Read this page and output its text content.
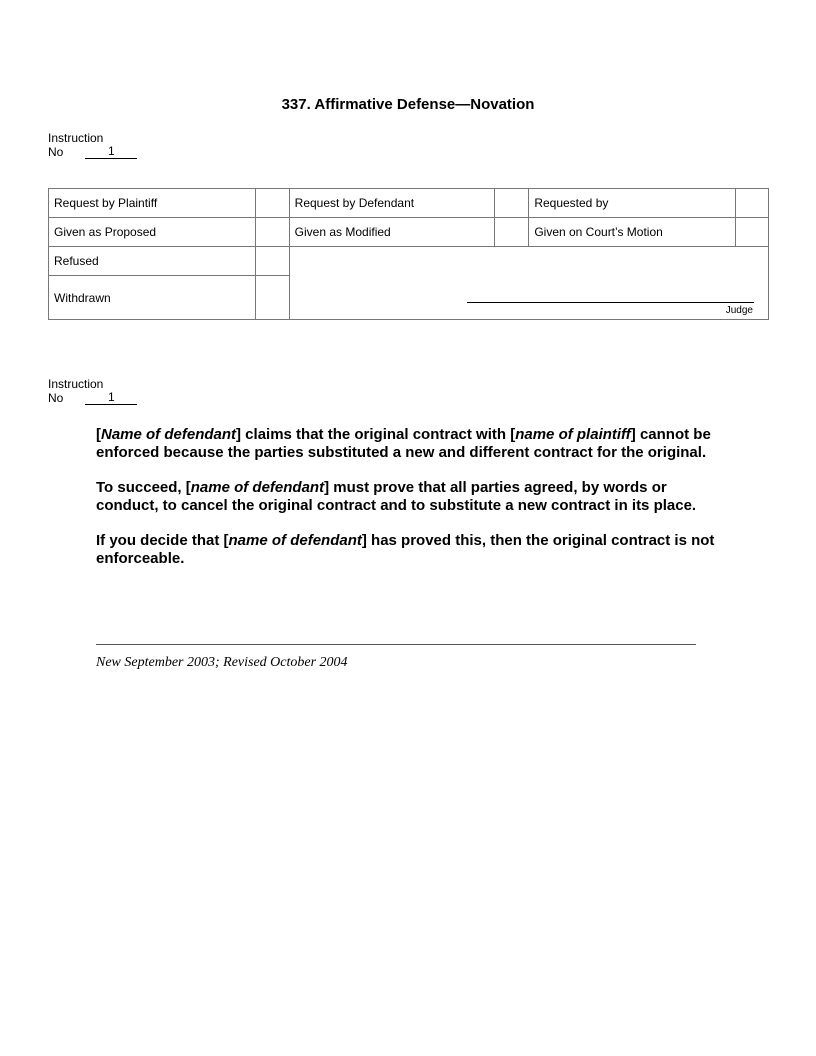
337. Affirmative Defense—Novation
Instruction
No	1
Request by Plaintiff		Request by Defendant		Requested by	
Given as Proposed		Given as Modified		Given on Court’s Motion	
Refused		Judge			

Withdrawn					
Instruction
No	1

[Name of defendant] claims that the original contract with [name of plaintiff] cannot be enforced because the parties substituted a new and different contract for the original.

To succeed, [name of defendant] must prove that all parties agreed, by words or conduct, to cancel the original contract and to substitute a new contract in its place.

If you decide that [name of defendant] has proved this, then the original contract is not enforceable.

New September 2003; Revised October 2004
